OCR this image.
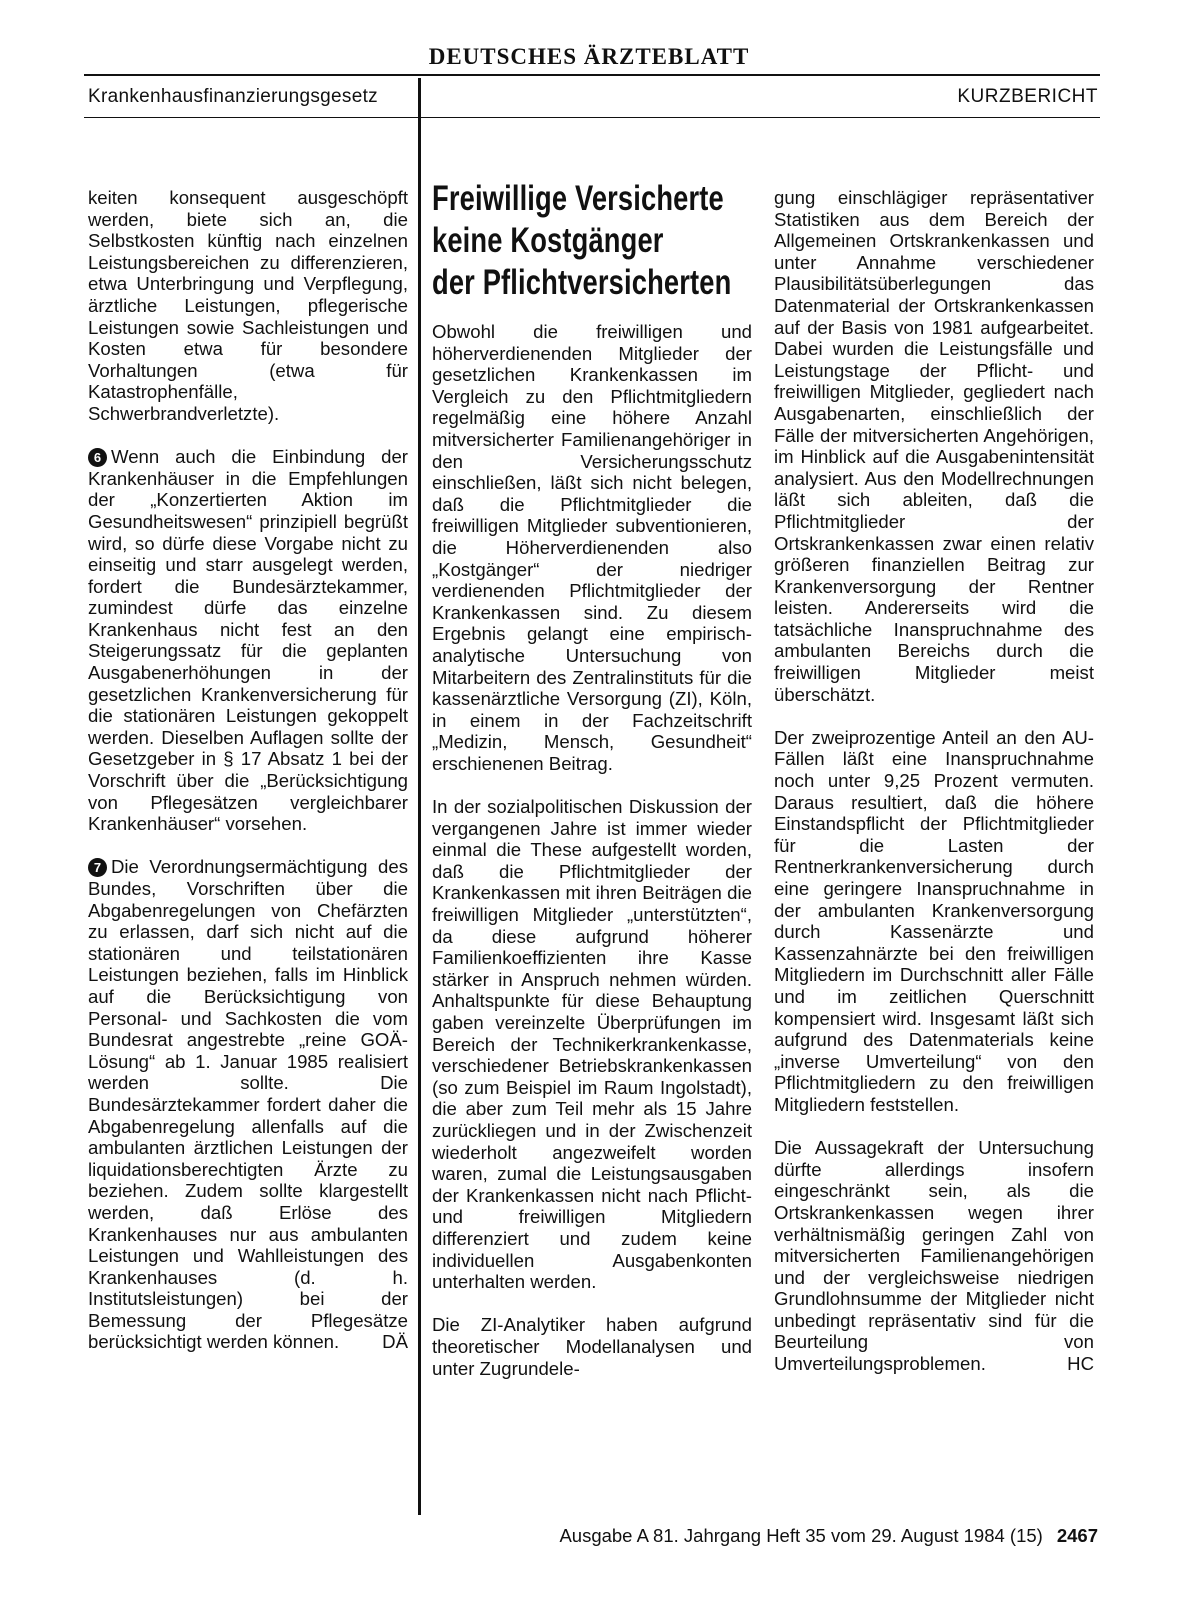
DEUTSCHES ÄRZTEBLATT
Krankenhausfinanzierungsgesetz	KURZBERICHT

keiten konsequent ausgeschöpft werden, biete sich an, die Selbstkosten künftig nach einzelnen Leistungsbereichen zu differenzieren, etwa Unterbringung und Verpflegung, ärztliche Leistungen, pflegerische Leistungen sowie Sachleistungen und Kosten etwa für besondere Vorhaltungen (etwa für Katastrophenfälle, Schwerbrandverletzte).

6 Wenn auch die Einbindung der Krankenhäuser in die Empfehlungen der „Konzertierten Aktion im Gesundheitswesen“ prinzipiell begrüßt wird, so dürfe diese Vorgabe nicht zu einseitig und starr ausgelegt werden, fordert die Bundesärztekammer, zumindest dürfe das einzelne Krankenhaus nicht fest an den Steigerungssatz für die geplanten Ausgabenerhöhungen in der gesetzlichen Krankenversicherung für die stationären Leistungen gekoppelt werden. Dieselben Auflagen sollte der Gesetzgeber in § 17 Absatz 1 bei der Vorschrift über die „Berücksichtigung von Pflegesätzen vergleichbarer Krankenhäuser“ vorsehen.

7 Die Verordnungsermächtigung des Bundes, Vorschriften über die Abgabenregelungen von Chefärzten zu erlassen, darf sich nicht auf die stationären und teilstationären Leistungen beziehen, falls im Hinblick auf die Berücksichtigung von Personal- und Sachkosten die vom Bundesrat angestrebte „reine GOÄ-Lösung“ ab 1. Januar 1985 realisiert werden sollte. Die Bundesärztekammer fordert daher die Abgabenregelung allenfalls auf die ambulanten ärztlichen Leistungen der liquidationsberechtigten Ärzte zu beziehen. Zudem sollte klargestellt werden, daß Erlöse des Krankenhauses nur aus ambulanten Leistungen und Wahlleistungen des Krankenhauses (d. h. Institutsleistungen) bei der Bemessung der Pflegesätze berücksichtigt werden können. DÄ

Freiwillige Versicherte
keine Kostgänger
der Pflichtversicherten

Obwohl die freiwilligen und höherverdienenden Mitglieder der gesetzlichen Krankenkassen im Vergleich zu den Pflichtmitgliedern regelmäßig eine höhere Anzahl mitversicherter Familienangehöriger in den Versicherungsschutz einschließen, läßt sich nicht belegen, daß die Pflichtmitglieder die freiwilligen Mitglieder subventionieren, die Höherverdienenden also „Kostgänger“ der niedriger verdienenden Pflichtmitglieder der Krankenkassen sind. Zu diesem Ergebnis gelangt eine empirisch-analytische Untersuchung von Mitarbeitern des Zentralinstituts für die kassenärztliche Versorgung (ZI), Köln, in einem in der Fachzeitschrift „Medizin, Mensch, Gesundheit“ erschienenen Beitrag.

In der sozialpolitischen Diskussion der vergangenen Jahre ist immer wieder einmal die These aufgestellt worden, daß die Pflichtmitglieder der Krankenkassen mit ihren Beiträgen die freiwilligen Mitglieder „unterstützten“, da diese aufgrund höherer Familienkoeffizienten ihre Kasse stärker in Anspruch nehmen würden. Anhaltspunkte für diese Behauptung gaben vereinzelte Überprüfungen im Bereich der Technikerkrankenkasse, verschiedener Betriebskrankenkassen (so zum Beispiel im Raum Ingolstadt), die aber zum Teil mehr als 15 Jahre zurückliegen und in der Zwischenzeit wiederholt angezweifelt worden waren, zumal die Leistungsausgaben der Krankenkassen nicht nach Pflicht- und freiwilligen Mitgliedern differenziert und zudem keine individuellen Ausgabenkonten unterhalten werden.

Die ZI-Analytiker haben aufgrund theoretischer Modellanalysen und unter Zugrundele-

gung einschlägiger repräsentativer Statistiken aus dem Bereich der Allgemeinen Ortskrankenkassen und unter Annahme verschiedener Plausibilitätsüberlegungen das Datenmaterial der Ortskrankenkassen auf der Basis von 1981 aufgearbeitet. Dabei wurden die Leistungsfälle und Leistungstage der Pflicht- und freiwilligen Mitglieder, gegliedert nach Ausgabenarten, einschließlich der Fälle der mitversicherten Angehörigen, im Hinblick auf die Ausgabenintensität analysiert. Aus den Modellrechnungen läßt sich ableiten, daß die Pflichtmitglieder der Ortskrankenkassen zwar einen relativ größeren finanziellen Beitrag zur Krankenversorgung der Rentner leisten. Andererseits wird die tatsächliche Inanspruchnahme des ambulanten Bereichs durch die freiwilligen Mitglieder meist überschätzt.

Der zweiprozentige Anteil an den AU-Fällen läßt eine Inanspruchnahme noch unter 9,25 Prozent vermuten. Daraus resultiert, daß die höhere Einstandspflicht der Pflichtmitglieder für die Lasten der Rentnerkrankenversicherung durch eine geringere Inanspruchnahme in der ambulanten Krankenversorgung durch Kassenärzte und Kassenzahnärzte bei den freiwilligen Mitgliedern im Durchschnitt aller Fälle und im zeitlichen Querschnitt kompensiert wird. Insgesamt läßt sich aufgrund des Datenmaterials keine „inverse Umverteilung“ von den Pflichtmitgliedern zu den freiwilligen Mitgliedern feststellen.

Die Aussagekraft der Untersuchung dürfte allerdings insofern eingeschränkt sein, als die Ortskrankenkassen wegen ihrer verhältnismäßig geringen Zahl von mitversicherten Familienangehörigen und der vergleichsweise niedrigen Grundlohnsumme der Mitglieder nicht unbedingt repräsentativ sind für die Beurteilung von Umverteilungsproblemen.	HC

Ausgabe A 81. Jahrgang Heft 35 vom 29. August 1984 (15) 2467
